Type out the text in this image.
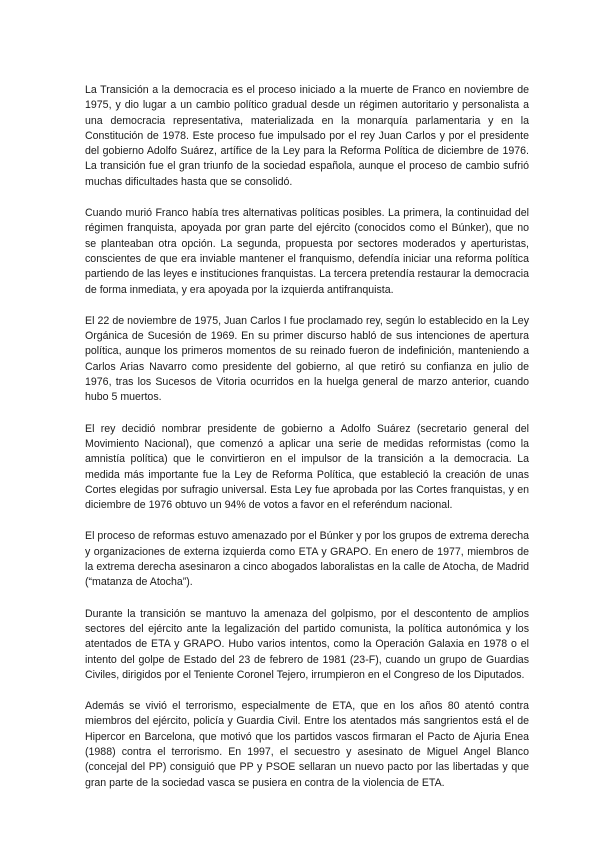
La Transición a la democracia es el proceso iniciado a la muerte de Franco en noviembre de 1975, y dio lugar a un cambio político gradual desde un régimen autoritario y personalista a una democracia representativa, materializada en la monarquía parlamentaria y en la Constitución de 1978. Este proceso fue impulsado por el rey Juan Carlos y por el presidente del gobierno Adolfo Suárez, artífice de la Ley para la Reforma Política de diciembre de 1976. La transición fue el gran triunfo de la sociedad española, aunque el proceso de cambio sufrió muchas dificultades hasta que se consolidó.

Cuando murió Franco había tres alternativas políticas posibles. La primera, la continuidad del régimen franquista, apoyada por gran parte del ejército (conocidos como el Búnker), que no se planteaban otra opción. La segunda, propuesta por sectores moderados y aperturistas, conscientes de que era inviable mantener el franquismo, defendía iniciar una reforma política partiendo de las leyes e instituciones franquistas. La tercera pretendía restaurar la democracia de forma inmediata, y era apoyada por la izquierda antifranquista.

El 22 de noviembre de 1975, Juan Carlos I fue proclamado rey, según lo establecido en la Ley Orgánica de Sucesión de 1969. En su primer discurso habló de sus intenciones de apertura política, aunque los primeros momentos de su reinado fueron de indefinición, manteniendo a Carlos Arias Navarro como presidente del gobierno, al que retiró su confianza en julio de 1976, tras los Sucesos de Vitoria ocurridos en la huelga general de marzo anterior, cuando hubo 5 muertos.

El rey decidió nombrar presidente de gobierno a Adolfo Suárez (secretario general del Movimiento Nacional), que comenzó a aplicar una serie de medidas reformistas (como la amnistía política) que le convirtieron en el impulsor de la transición a la democracia. La medida más importante fue la Ley de Reforma Política, que estableció la creación de unas Cortes elegidas por sufragio universal. Esta Ley fue aprobada por las Cortes franquistas, y en diciembre de 1976 obtuvo un 94% de votos a favor en el referéndum nacional.

El proceso de reformas estuvo amenazado por el Búnker y por los grupos de extrema derecha y organizaciones de externa izquierda como ETA y GRAPO. En enero de 1977, miembros de la extrema derecha asesinaron a cinco abogados laboralistas en la calle de Atocha, de Madrid (“matanza de Atocha”).

Durante la transición se mantuvo la amenaza del golpismo, por el descontento de amplios sectores del ejército ante la legalización del partido comunista, la política autonómica y los atentados de ETA y GRAPO. Hubo varios intentos, como la Operación Galaxia en 1978 o el intento del golpe de Estado del 23 de febrero de 1981 (23-F), cuando un grupo de Guardias Civiles, dirigidos por el Teniente Coronel Tejero, irrumpieron en el Congreso de los Diputados.

Además se vivió el terrorismo, especialmente de ETA, que en los años 80 atentó contra miembros del ejército, policía y Guardia Civil. Entre los atentados más sangrientos está el de Hipercor en Barcelona, que motivó que los partidos vascos firmaran el Pacto de Ajuria Enea (1988) contra el terrorismo. En 1997, el secuestro y asesinato de Miguel Angel Blanco (concejal del PP) consiguió que PP y PSOE sellaran un nuevo pacto por las libertadas y que gran parte de la sociedad vasca se pusiera en contra de la violencia de ETA.
